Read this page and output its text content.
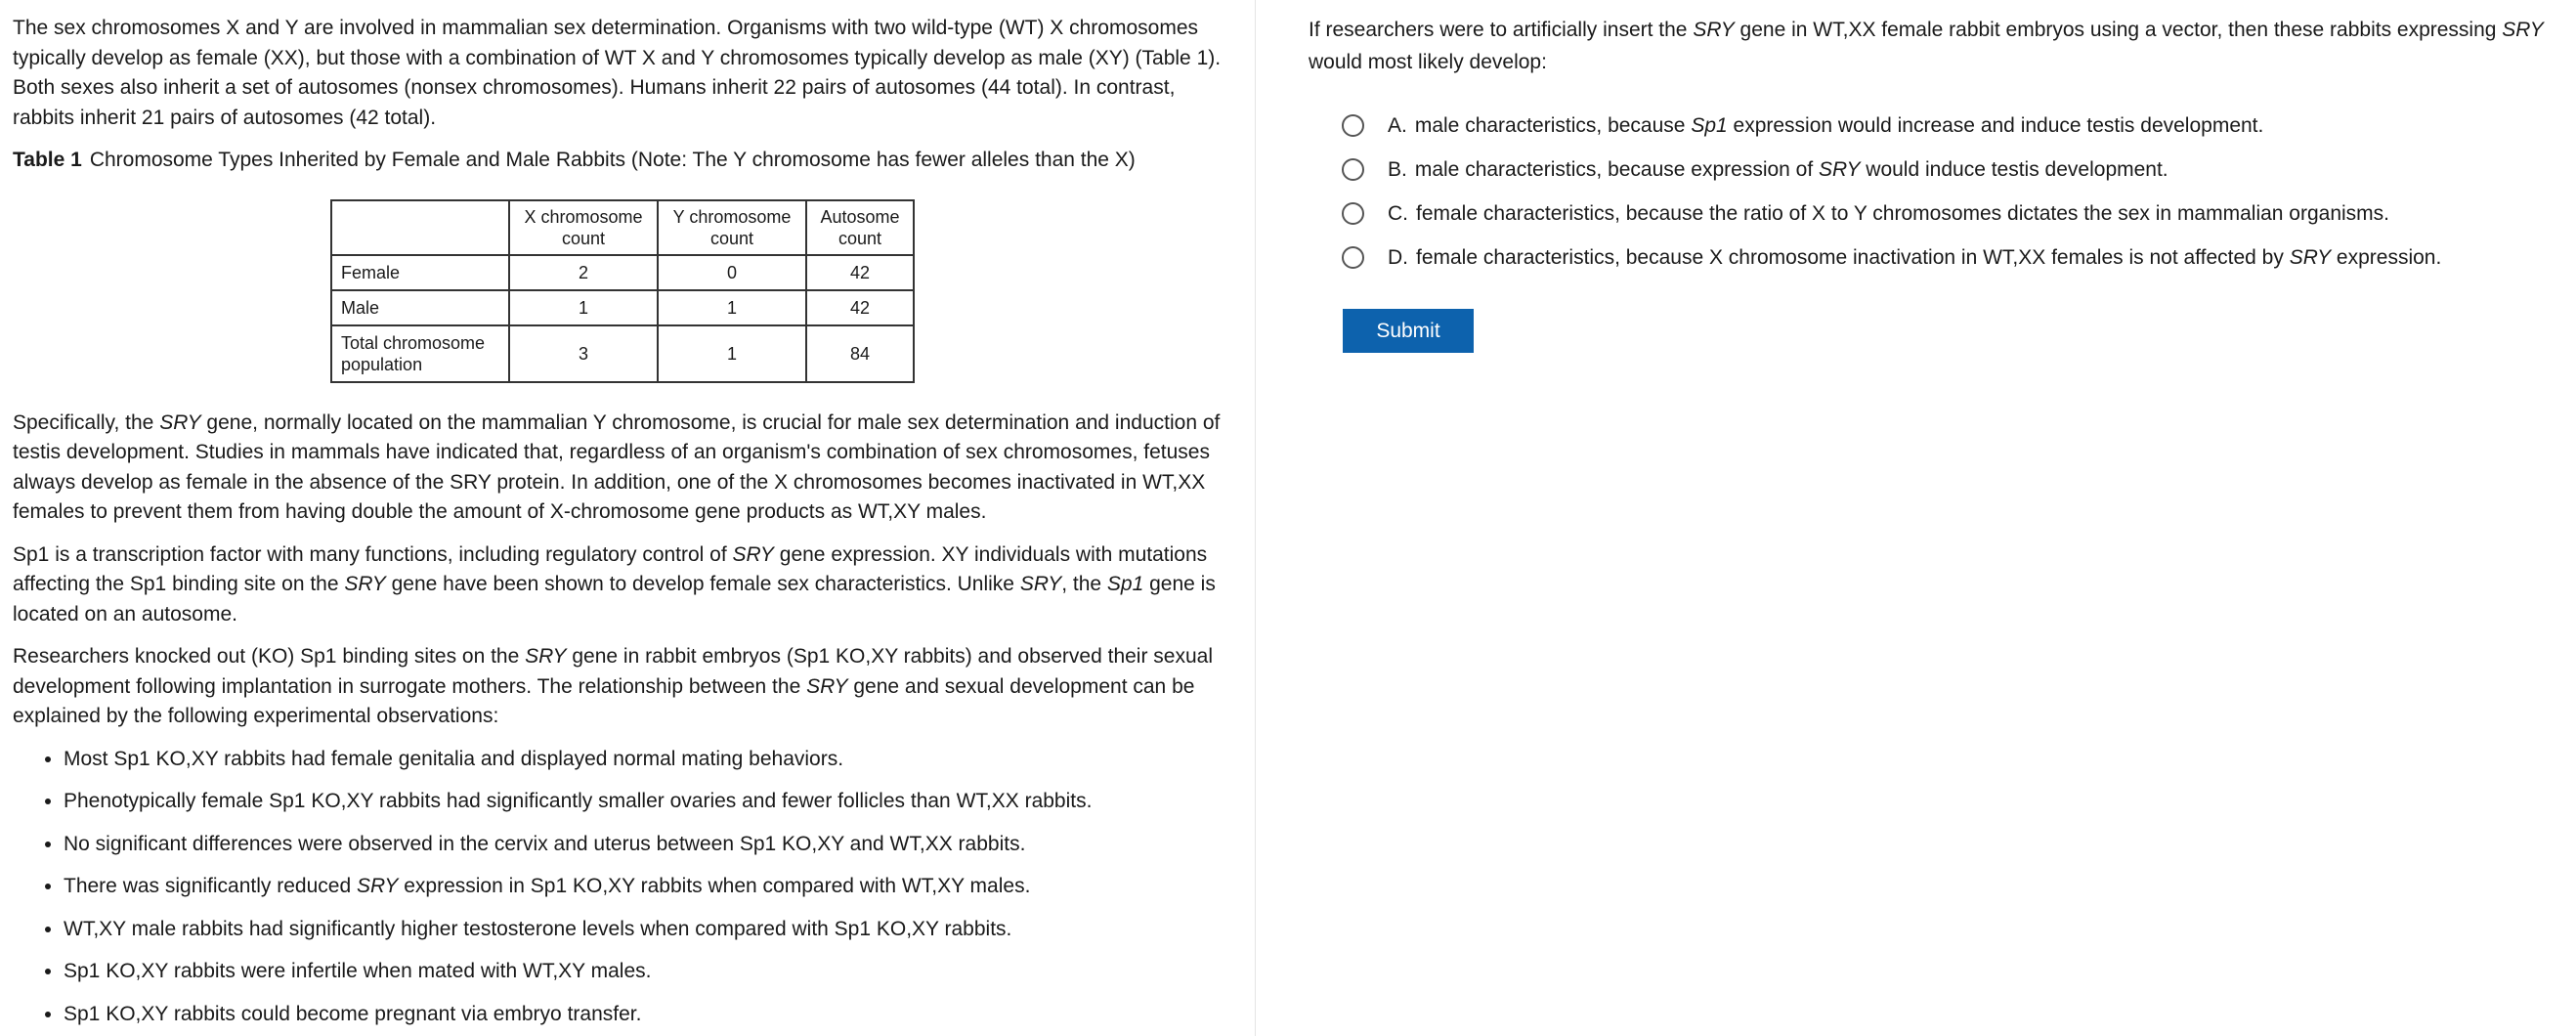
The sex chromosomes X and Y are involved in mammalian sex determination. Organisms with two wild-type (WT) X chromosomes typically develop as female (XX), but those with a combination of WT X and Y chromosomes typically develop as male (XY) (Table 1). Both sexes also inherit a set of autosomes (nonsex chromosomes). Humans inherit 22 pairs of autosomes (44 total). In contrast, rabbits inherit 21 pairs of autosomes (42 total).

Table 1 Chromosome Types Inherited by Female and Male Rabbits (Note: The Y chromosome has fewer alleles than the X)
	X chromosome count	Y chromosome count	Autosome count
Female	2	0	42
Male	1	1	42
Total chromosome population	3	1	84

Specifically, the SRY gene, normally located on the mammalian Y chromosome, is crucial for male sex determination and induction of testis development. Studies in mammals have indicated that, regardless of an organism's combination of sex chromosomes, fetuses always develop as female in the absence of the SRY protein. In addition, one of the X chromosomes becomes inactivated in WT,XX females to prevent them from having double the amount of X-chromosome gene products as WT,XY males.

Sp1 is a transcription factor with many functions, including regulatory control of SRY gene expression. XY individuals with mutations affecting the Sp1 binding site on the SRY gene have been shown to develop female sex characteristics. Unlike SRY, the Sp1 gene is located on an autosome.

Researchers knocked out (KO) Sp1 binding sites on the SRY gene in rabbit embryos (Sp1 KO,XY rabbits) and observed their sexual development following implantation in surrogate mothers. The relationship between the SRY gene and sexual development can be explained by the following experimental observations:

• Most Sp1 KO,XY rabbits had female genitalia and displayed normal mating behaviors.
• Phenotypically female Sp1 KO,XY rabbits had significantly smaller ovaries and fewer follicles than WT,XX rabbits.
• No significant differences were observed in the cervix and uterus between Sp1 KO,XY and WT,XX rabbits.
• There was significantly reduced SRY expression in Sp1 KO,XY rabbits when compared with WT,XY males.
• WT,XY male rabbits had significantly higher testosterone levels when compared with Sp1 KO,XY rabbits.
• Sp1 KO,XY rabbits were infertile when mated with WT,XY males.
• Sp1 KO,XY rabbits could become pregnant via embryo transfer.
If researchers were to artificially insert the SRY gene in WT,XX female rabbit embryos using a vector, then these rabbits expressing SRY would most likely develop:
A. male characteristics, because Sp1 expression would increase and induce testis development.
B. male characteristics, because expression of SRY would induce testis development.
C. female characteristics, because the ratio of X to Y chromosomes dictates the sex in mammalian organisms.
D. female characteristics, because X chromosome inactivation in WT,XX females is not affected by SRY expression.
Submit
